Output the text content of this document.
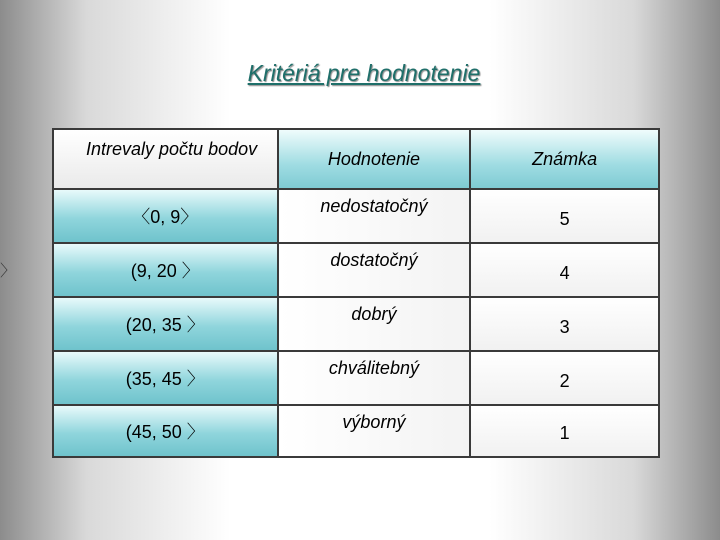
Kritériá pre hodnotenie
〉
Intrevaly počtu bodov	Hodnotenie	Známka
〈0, 9〉	nedostatočný	5
(9, 20 〉	dostatočný	4
(20, 35 〉	dobrý	3
(35, 45 〉	chválitebný	2
(45, 50 〉	výborný	1
